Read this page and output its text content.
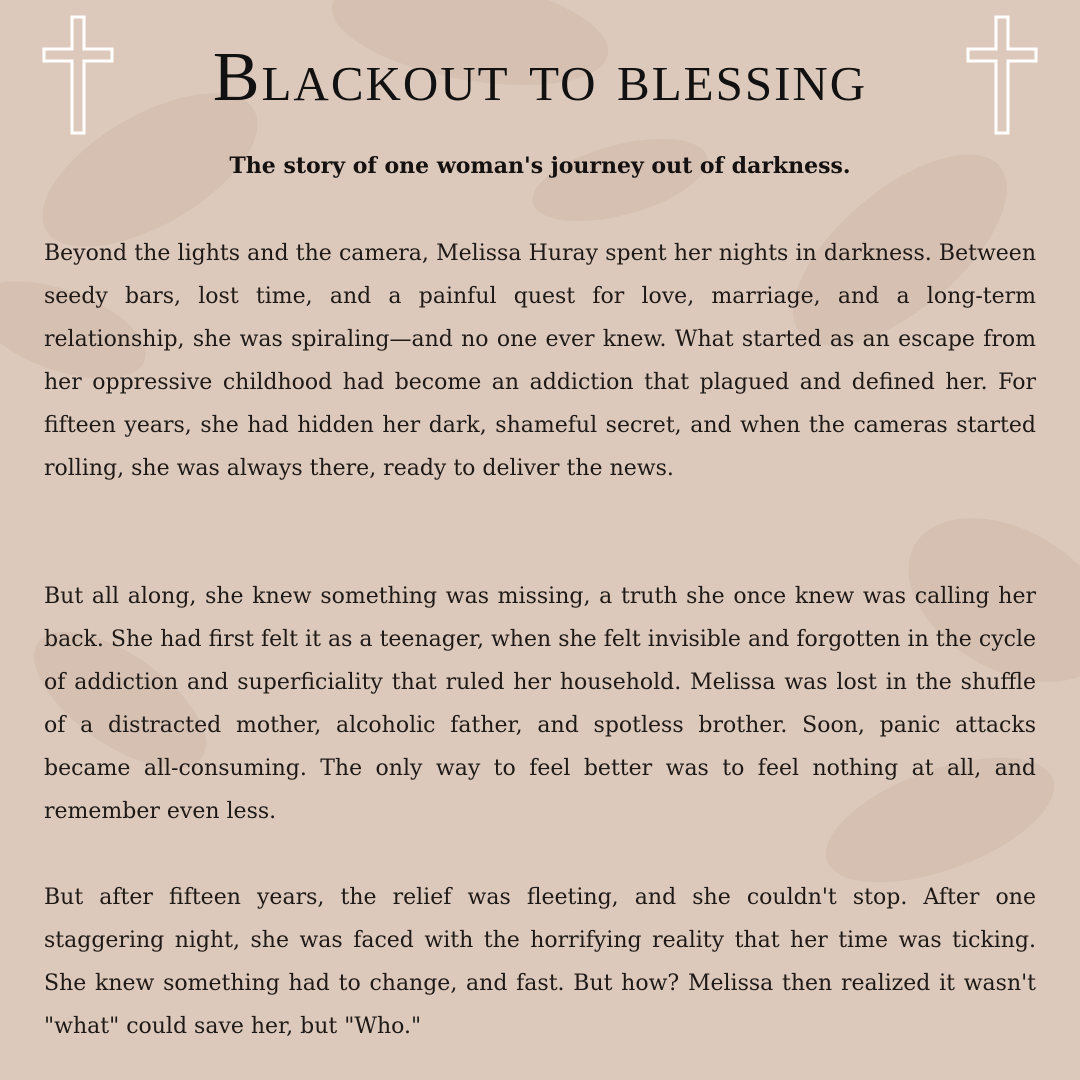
Blackout to blessing

The story of one woman's journey out of darkness.

Beyond the lights and the camera, Melissa Huray spent her nights in darkness. Between seedy bars, lost time, and a painful quest for love, marriage, and a long-term relationship, she was spiraling—and no one ever knew. What started as an escape from her oppressive childhood had become an addiction that plagued and defined her. For fifteen years, she had hidden her dark, shameful secret, and when the cameras started rolling, she was always there, ready to deliver the news.

But all along, she knew something was missing, a truth she once knew was calling her back. She had first felt it as a teenager, when she felt invisible and forgotten in the cycle of addiction and superficiality that ruled her household. Melissa was lost in the shuffle of a distracted mother, alcoholic father, and spotless brother. Soon, panic attacks became all-consuming. The only way to feel better was to feel nothing at all, and remember even less.

But after fifteen years, the relief was fleeting, and she couldn't stop. After one staggering night, she was faced with the horrifying reality that her time was ticking. She knew something had to change, and fast. But how? Melissa then realized it wasn't "what" could save her, but "Who."
